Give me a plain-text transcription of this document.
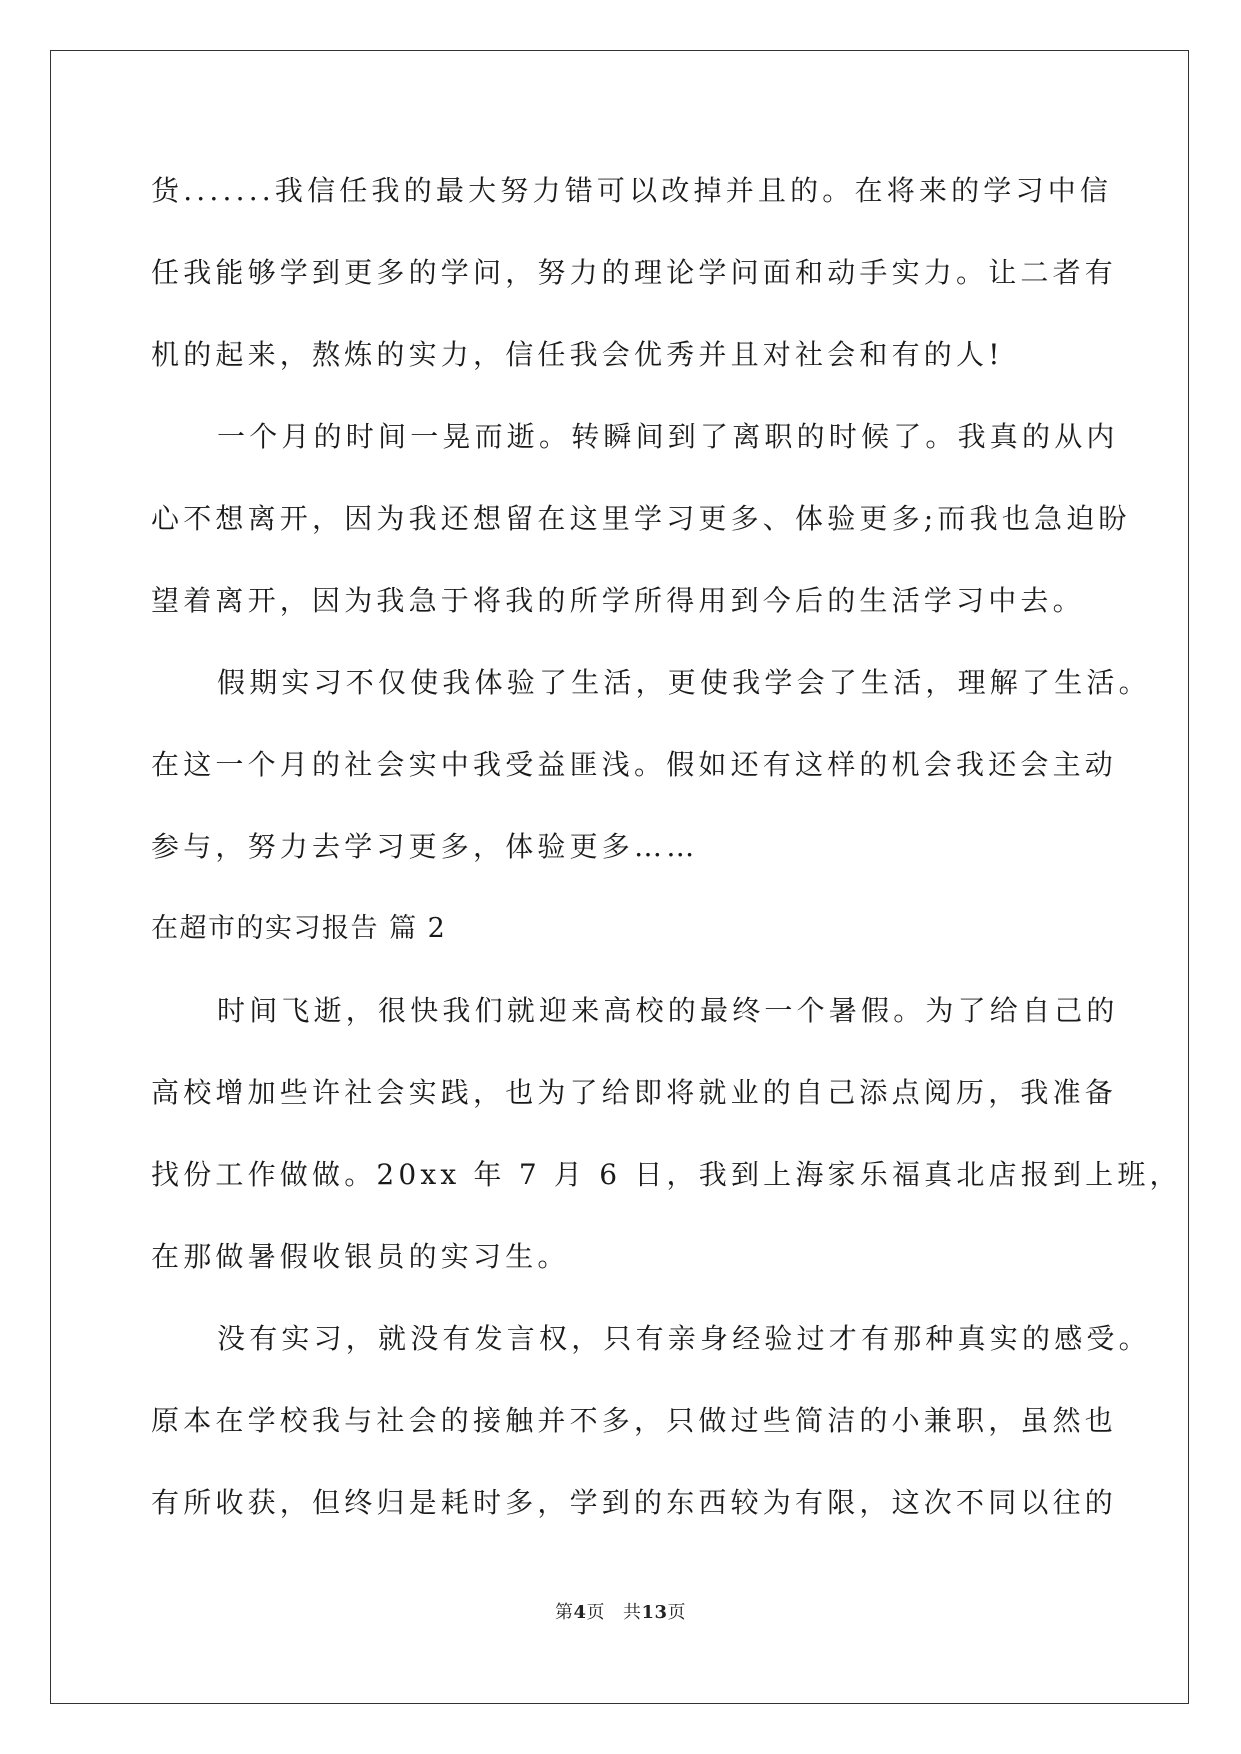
货.......我信任我的最大努力错可以改掉并且的。在将来的学习中信
任我能够学到更多的学问，努力的理论学问面和动手实力。让二者有
机的起来，熬炼的实力，信任我会优秀并且对社会和有的人!
一个月的时间一晃而逝。转瞬间到了离职的时候了。我真的从内
心不想离开，因为我还想留在这里学习更多、体验更多;而我也急迫盼
望着离开，因为我急于将我的所学所得用到今后的生活学习中去。
假期实习不仅使我体验了生活，更使我学会了生活，理解了生活。
在这一个月的社会实中我受益匪浅。假如还有这样的机会我还会主动
参与，努力去学习更多，体验更多……
在超市的实习报告 篇 2
时间飞逝，很快我们就迎来高校的最终一个暑假。为了给自己的
高校增加些许社会实践，也为了给即将就业的自己添点阅历，我准备
找份工作做做。20xx 年 7 月 6 日，我到上海家乐福真北店报到上班，
在那做暑假收银员的实习生。
没有实习，就没有发言权，只有亲身经验过才有那种真实的感受。
原本在学校我与社会的接触并不多，只做过些简洁的小兼职，虽然也
有所收获，但终归是耗时多，学到的东西较为有限，这次不同以往的
第4页 共13页
